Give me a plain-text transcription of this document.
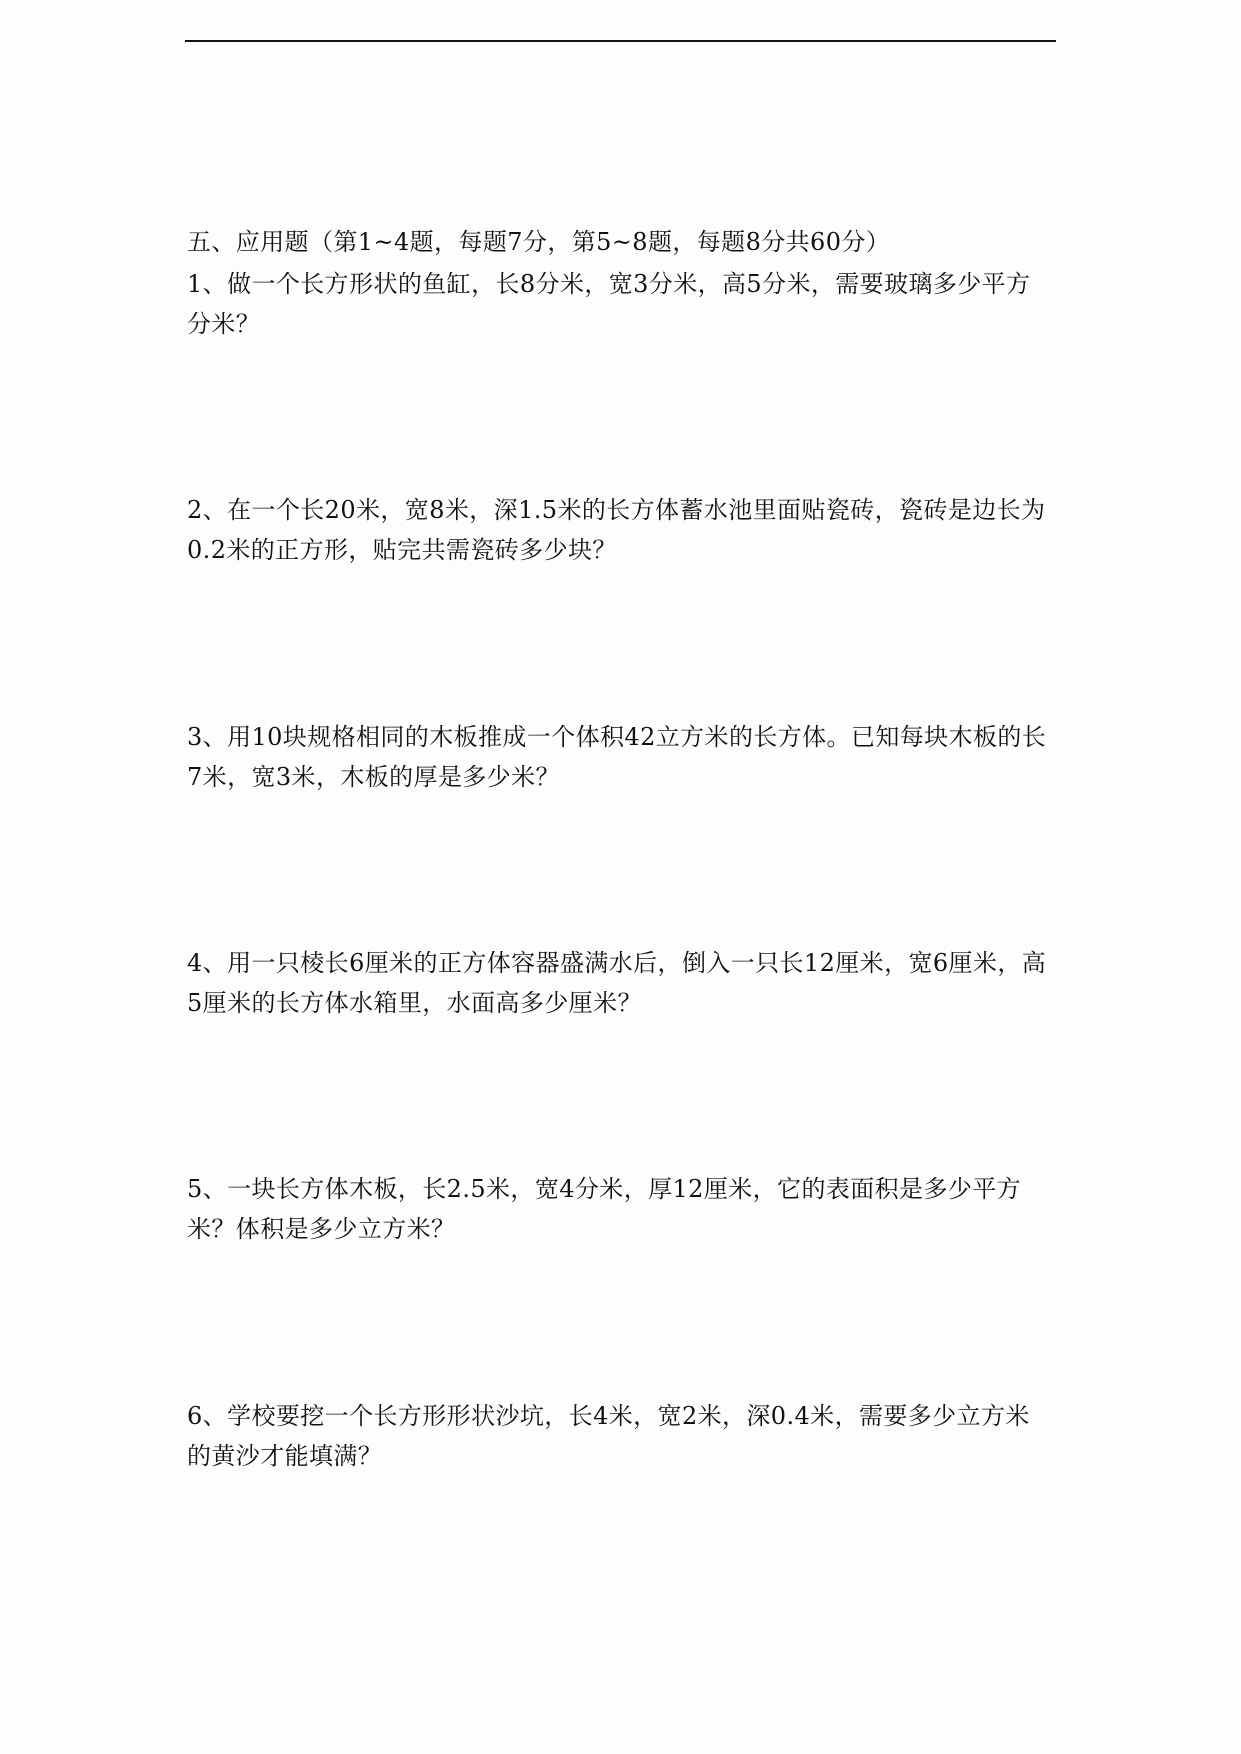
五、应用题（第1~4题，每题7分，第5~8题，每题8分共60分）
1、做一个长方形状的鱼缸，长8分米，宽3分米，高5分米，需要玻璃多少平方
分米？
2、在一个长20米，宽8米，深1.5米的长方体蓄水池里面贴瓷砖，瓷砖是边长为
0.2米的正方形，贴完共需瓷砖多少块？
3、用10块规格相同的木板推成一个体积42立方米的长方体。已知每块木板的长
7米，宽3米，木板的厚是多少米？
4、用一只棱长6厘米的正方体容器盛满水后，倒入一只长12厘米，宽6厘米，高
5厘米的长方体水箱里，水面高多少厘米？
5、一块长方体木板，长2.5米，宽4分米，厚12厘米，它的表面积是多少平方
米？体积是多少立方米？
6、学校要挖一个长方形形状沙坑，长4米，宽2米，深0.4米，需要多少立方米
的黄沙才能填满？
